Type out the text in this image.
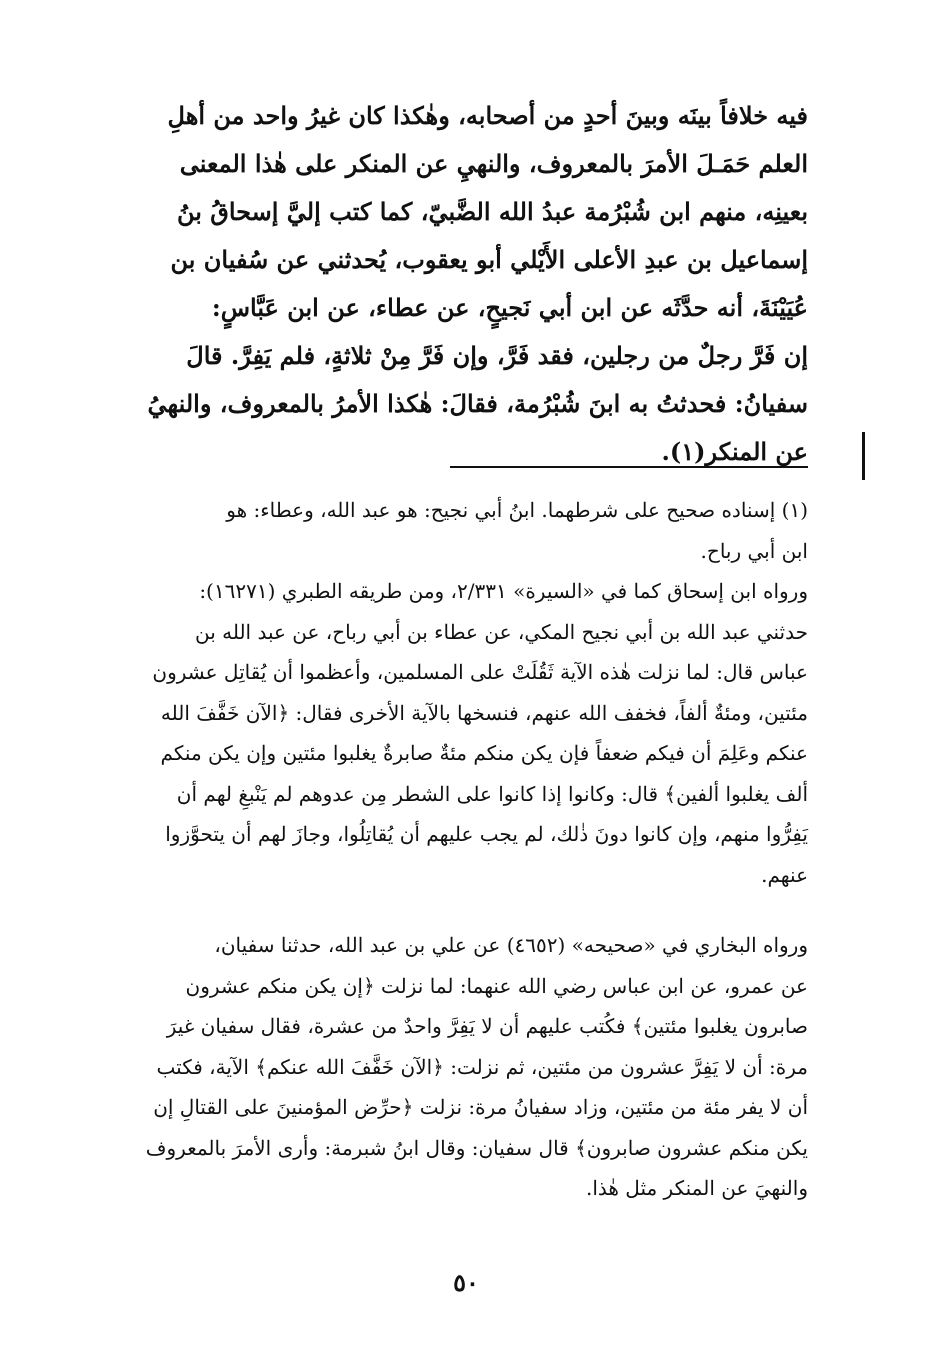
فيه خلافاً بينَه وبينَ أحدٍ من أصحابه، وهٰكذا كان غيرُ واحد من أهلِ

العلم حَمَـلَ الأمرَ بالمعروف، والنهيِ عن المنكر على هٰذا المعنى

بعينِه، منهم ابن شُبْرُمة عبدُ الله الضَّبيّ، كما كتب إليَّ إسحاقُ بنُ

إسماعيل بن عبدِ الأعلى الأَيْلي أبو يعقوب، يُحدثني عن سُفيان بن

عُيَيْنَةَ، أنه حدَّثَه عن ابن أبي نَجيحٍ، عن عطاء، عن ابن عَبَّاسٍ:

إن فَرَّ رجلٌ من رجلين، فقد فَرَّ، وإن فَرَّ مِنْ ثلاثةٍ، فلم يَفِرَّ. قالَ

سفيانُ: فحدثتُ به ابنَ شُبْرُمة، فقالَ: هٰكذا الأمرُ بالمعروف، والنهيُ

عن المنكر(١).

(١) إسناده صحيح على شرطهما. ابنُ أبي نجيح: هو عبد الله، وعطاء: هو

ابن أبي رباح.

ورواه ابن إسحاق كما في «السيرة» ٢/٣٣١، ومن طريقه الطبري (١٦٢٧١):

حدثني عبد الله بن أبي نجيح المكي، عن عطاء بن أبي رباح، عن عبد الله بن

عباس قال: لما نزلت هٰذه الآية ثَقُلَتْ على المسلمين، وأعظموا أن يُقاتِل عشرون

مئتين، ومئةٌ ألفاً، فخفف الله عنهم، فنسخها بالآية الأخرى فقال: ﴿الآن خَفَّفَ الله

عنكم وعَلِمَ أن فيكم ضعفاً فإن يكن منكم مئةٌ صابرةٌ يغلبوا مئتين وإن يكن منكم

ألف يغلبوا ألفين﴾ قال: وكانوا إذا كانوا على الشطر مِن عدوهم لم يَنْبغِ لهم أن

يَفِرُّوا منهم، وإن كانوا دونَ ذٰلك، لم يجب عليهم أن يُقاتِلُوا، وجازَ لهم أن يتحوَّزوا

عنهم.

ورواه البخاري في «صحيحه» (٤٦٥٢) عن علي بن عبد الله، حدثنا سفيان،

عن عمرو، عن ابن عباس رضي الله عنهما: لما نزلت ﴿إن يكن منكم عشرون

صابرون يغلبوا مئتين﴾ فكُتب عليهم أن لا يَفِرَّ واحدٌ من عشرة، فقال سفيان غيرَ

مرة: أن لا يَفِرَّ عشرون من مئتين، ثم نزلت: ﴿الآن خَفَّفَ الله عنكم﴾ الآية، فكتب

أن لا يفر مئة من مئتين، وزاد سفيانُ مرة: نزلت ﴿حرِّض المؤمنينَ على القتالِ إن

يكن منكم عشرون صابرون﴾ قال سفيان: وقال ابنُ شبرمة: وأرى الأمرَ بالمعروف

والنهيَ عن المنكر مثل هٰذا.

٥٠
